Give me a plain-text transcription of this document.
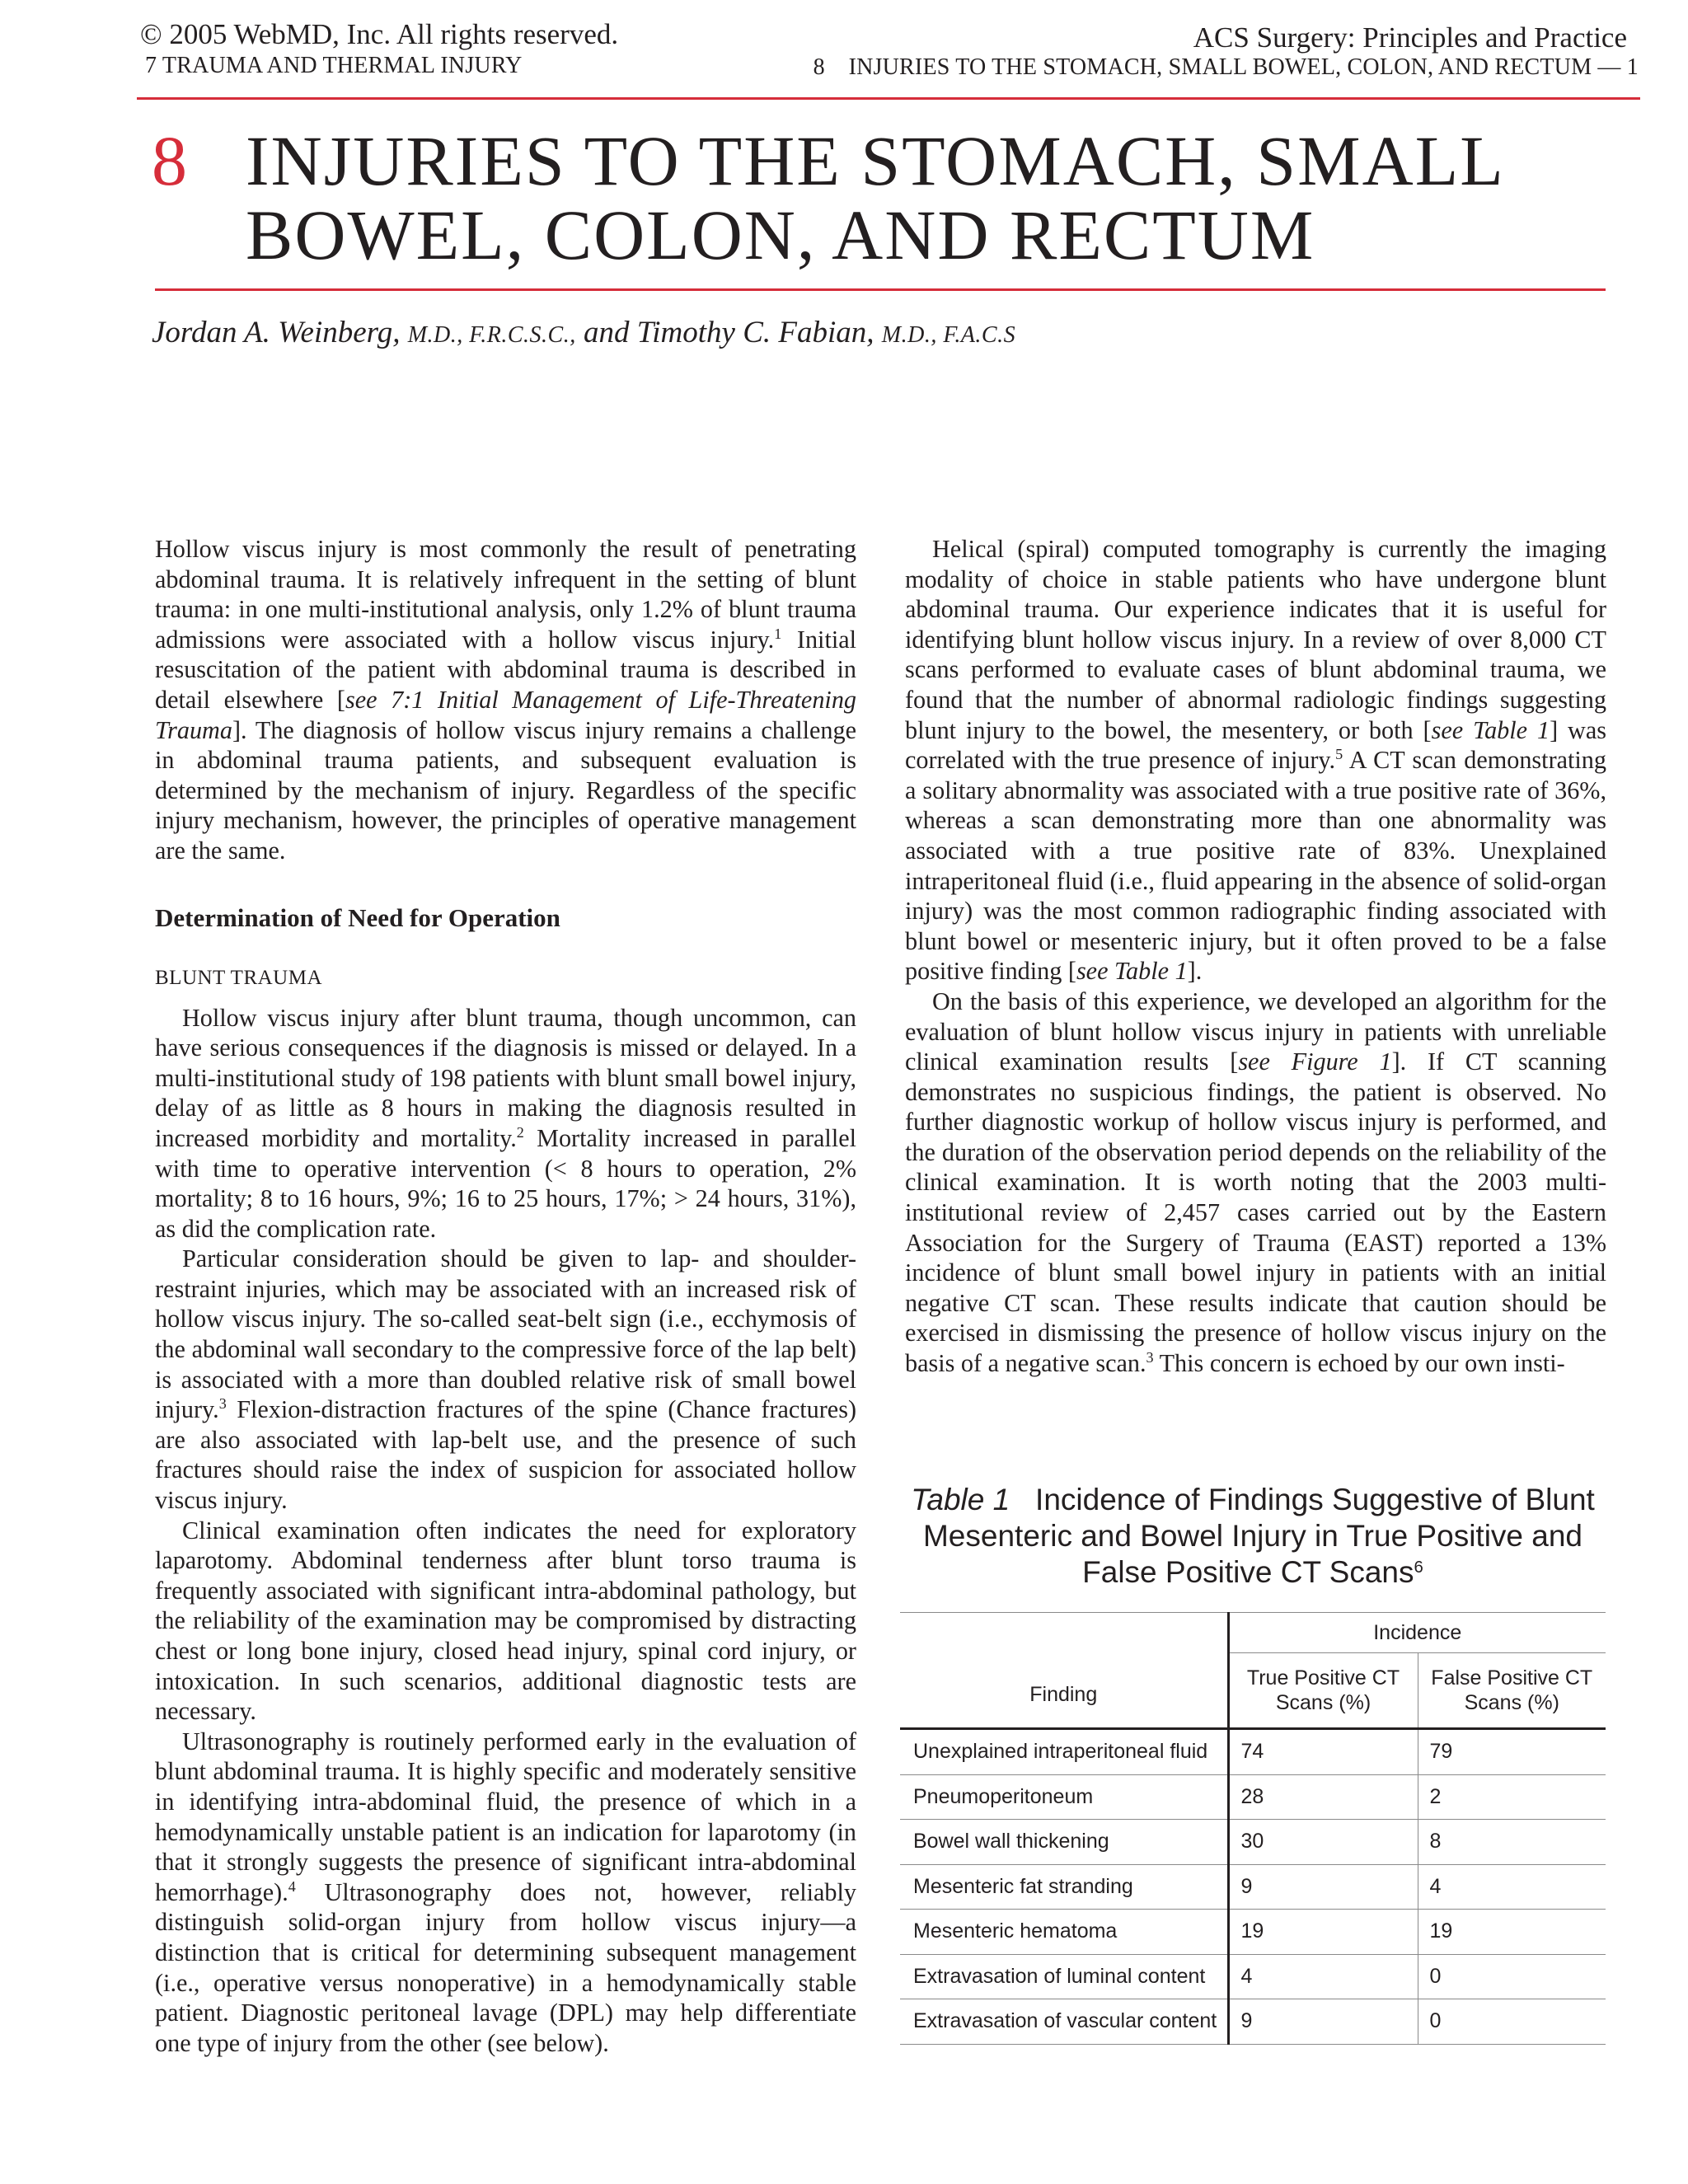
© 2005 WebMD, Inc. All rights reserved.	ACS Surgery: Principles and Practice
7 TRAUMA AND THERMAL INJURY	8    INJURIES TO THE STOMACH, SMALL BOWEL, COLON, AND RECTUM — 1
8 INJURIES TO THE STOMACH, SMALL
BOWEL, COLON, AND RECTUM
Jordan A. Weinberg, M.D., F.R.C.S.C., and Timothy C. Fabian, M.D., F.A.C.S

Hollow viscus injury is most commonly the result of penetrating abdominal trauma. It is relatively infrequent in the setting of blunt trauma: in one multi-institutional analysis, only 1.2% of blunt trauma admissions were associated with a hollow viscus injury.$^1$ Initial resuscitation of the patient with abdominal trauma is described in detail elsewhere [see 7:1 Initial Management of Life-Threatening Trauma]. The diagnosis of hollow viscus injury remains a challenge in abdominal trauma patients, and subsequent evaluation is determined by the mechanism of injury. Regardless of the specific injury mechanism, however, the principles of operative management are the same.

Determination of Need for Operation

BLUNT TRAUMA

Hollow viscus injury after blunt trauma, though uncommon, can have serious consequences if the diagnosis is missed or delayed. In a multi-institutional study of 198 patients with blunt small bowel injury, delay of as little as 8 hours in making the diagnosis resulted in increased morbidity and mortality.$^2$ Mortality increased in parallel with time to operative intervention (< 8 hours to operation, 2% mortality; 8 to 16 hours, 9%; 16 to 25 hours, 17%; > 24 hours, 31%), as did the complication rate.

Particular consideration should be given to lap- and shoulder-restraint injuries, which may be associated with an increased risk of hollow viscus injury. The so-called seat-belt sign (i.e., ecchymosis of the abdominal wall secondary to the compressive force of the lap belt) is associated with a more than doubled relative risk of small bowel injury.$^3$ Flexion-distraction fractures of the spine (Chance fractures) are also associated with lap-belt use, and the presence of such fractures should raise the index of suspicion for associated hollow viscus injury.

Clinical examination often indicates the need for exploratory laparotomy. Abdominal tenderness after blunt torso trauma is frequently associated with significant intra-abdominal pathology, but the reliability of the examination may be compromised by distracting chest or long bone injury, closed head injury, spinal cord injury, or intoxication. In such scenarios, additional diagnostic tests are necessary.

Ultrasonography is routinely performed early in the evaluation of blunt abdominal trauma. It is highly specific and moderately sensitive in identifying intra-abdominal fluid, the presence of which in a hemodynamically unstable patient is an indication for laparotomy (in that it strongly suggests the presence of significant intra-abdominal hemorrhage).$^4$ Ultrasonography does not, however, reliably distinguish solid-organ injury from hollow viscus injury—a distinction that is critical for determining subsequent management (i.e., operative versus nonoperative) in a hemodynamically stable patient. Diagnostic peritoneal lavage (DPL) may help differentiate one type of injury from the other (see below).

Helical (spiral) computed tomography is currently the imaging modality of choice in stable patients who have undergone blunt abdominal trauma. Our experience indicates that it is useful for identifying blunt hollow viscus injury. In a review of over 8,000 CT scans performed to evaluate cases of blunt abdominal trauma, we found that the number of abnormal radiologic findings suggesting blunt injury to the bowel, the mesentery, or both [see Table 1] was correlated with the true presence of injury.$^5$ A CT scan demonstrating a solitary abnormality was associated with a true positive rate of 36%, whereas a scan demonstrating more than one abnormality was associated with a true positive rate of 83%. Unexplained intraperitoneal fluid (i.e., fluid appearing in the absence of solid-organ injury) was the most common radiographic finding associated with blunt bowel or mesenteric injury, but it often proved to be a false positive finding [see Table 1].

On the basis of this experience, we developed an algorithm for the evaluation of blunt hollow viscus injury in patients with unreliable clinical examination results [see Figure 1]. If CT scanning demonstrates no suspicious findings, the patient is observed. No further diagnostic workup of hollow viscus injury is performed, and the duration of the observation period depends on the reliability of the clinical examination. It is worth noting that the 2003 multi-institutional review of 2,457 cases carried out by the Eastern Association for the Surgery of Trauma (EAST) reported a 13% incidence of blunt small bowel injury in patients with an initial negative CT scan. These results indicate that caution should be exercised in dismissing the presence of hollow viscus injury on the basis of a negative scan.$^3$ This concern is echoed by our own insti-

Table 1 Incidence of Findings Suggestive of Blunt Mesenteric and Bowel Injury in True Positive and False Positive CT Scans$^6$
Finding	Incidence	
	True Positive CT Scans (%)	False Positive CT Scans (%)
Unexplained intraperitoneal fluid	74	79
Pneumoperitoneum	28	2
Bowel wall thickening	30	8
Mesenteric fat stranding	9	4
Mesenteric hematoma	19	19
Extravasation of luminal content	4	0
Extravasation of vascular content	9	0
